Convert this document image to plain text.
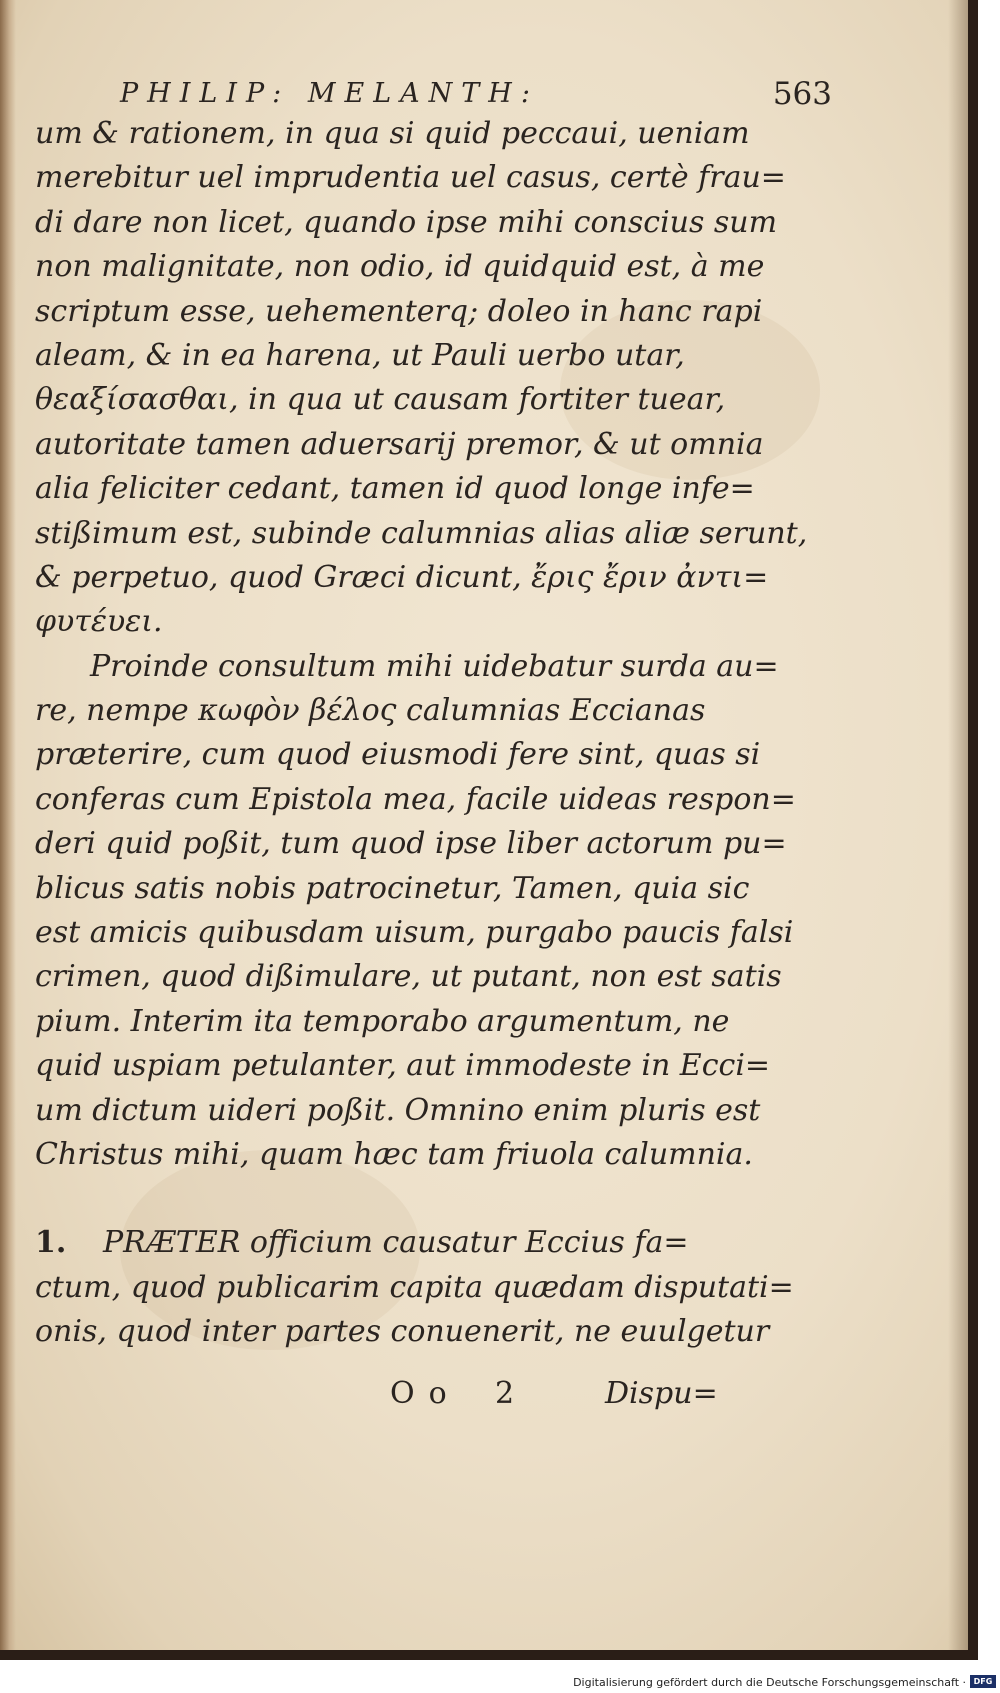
PHILIP: MELANTH:	563
um & rationem, in qua si quid peccaui, ueniam
merebitur uel imprudentia uel casus, certè frau=
di dare non licet, quando ipse mihi conscius sum
non malignitate, non odio, id quidquid est, à me
scriptum esse, uehementerq; doleo in hanc rapi
aleam, & in ea harena, ut Pauli uerbo utar,
θεαξίσασθαι, in qua ut causam fortiter tuear,
autoritate tamen aduersarij premor, & ut omnia
alia feliciter cedant, tamen id quod longe infe=
stißimum est, subinde calumnias alias aliæ serunt,
& perpetuo, quod Græci dicunt, ἔρις ἔριν ἀντι=
φυτέυει.
Proinde consultum mihi uidebatur surda au=
re, nempe κωφὸν βέλος calumnias Eccianas
præterire, cum quod eiusmodi fere sint, quas si
conferas cum Epistola mea, facile uideas respon=
deri quid poßit, tum quod ipse liber actorum pu=
blicus satis nobis patrocinetur, Tamen, quia sic
est amicis quibusdam uisum, purgabo paucis falsi
crimen, quod dißimulare, ut putant, non est satis
pium. Interim ita temporabo argumentum, ne
quid uspiam petulanter, aut immodeste in Ecci=
um dictum uideri poßit. Omnino enim pluris est
Christus mihi, quam hæc tam friuola calumnia.
1. PRÆTER officium causatur Eccius fa=
ctum, quod publicarim capita quædam disputati=
onis, quod inter partes conuenerit, ne euulgetur
Oo 2	Dispu=
Digitalisierung gefördert durch die Deutsche Forschungsgemeinschaft · DFG
